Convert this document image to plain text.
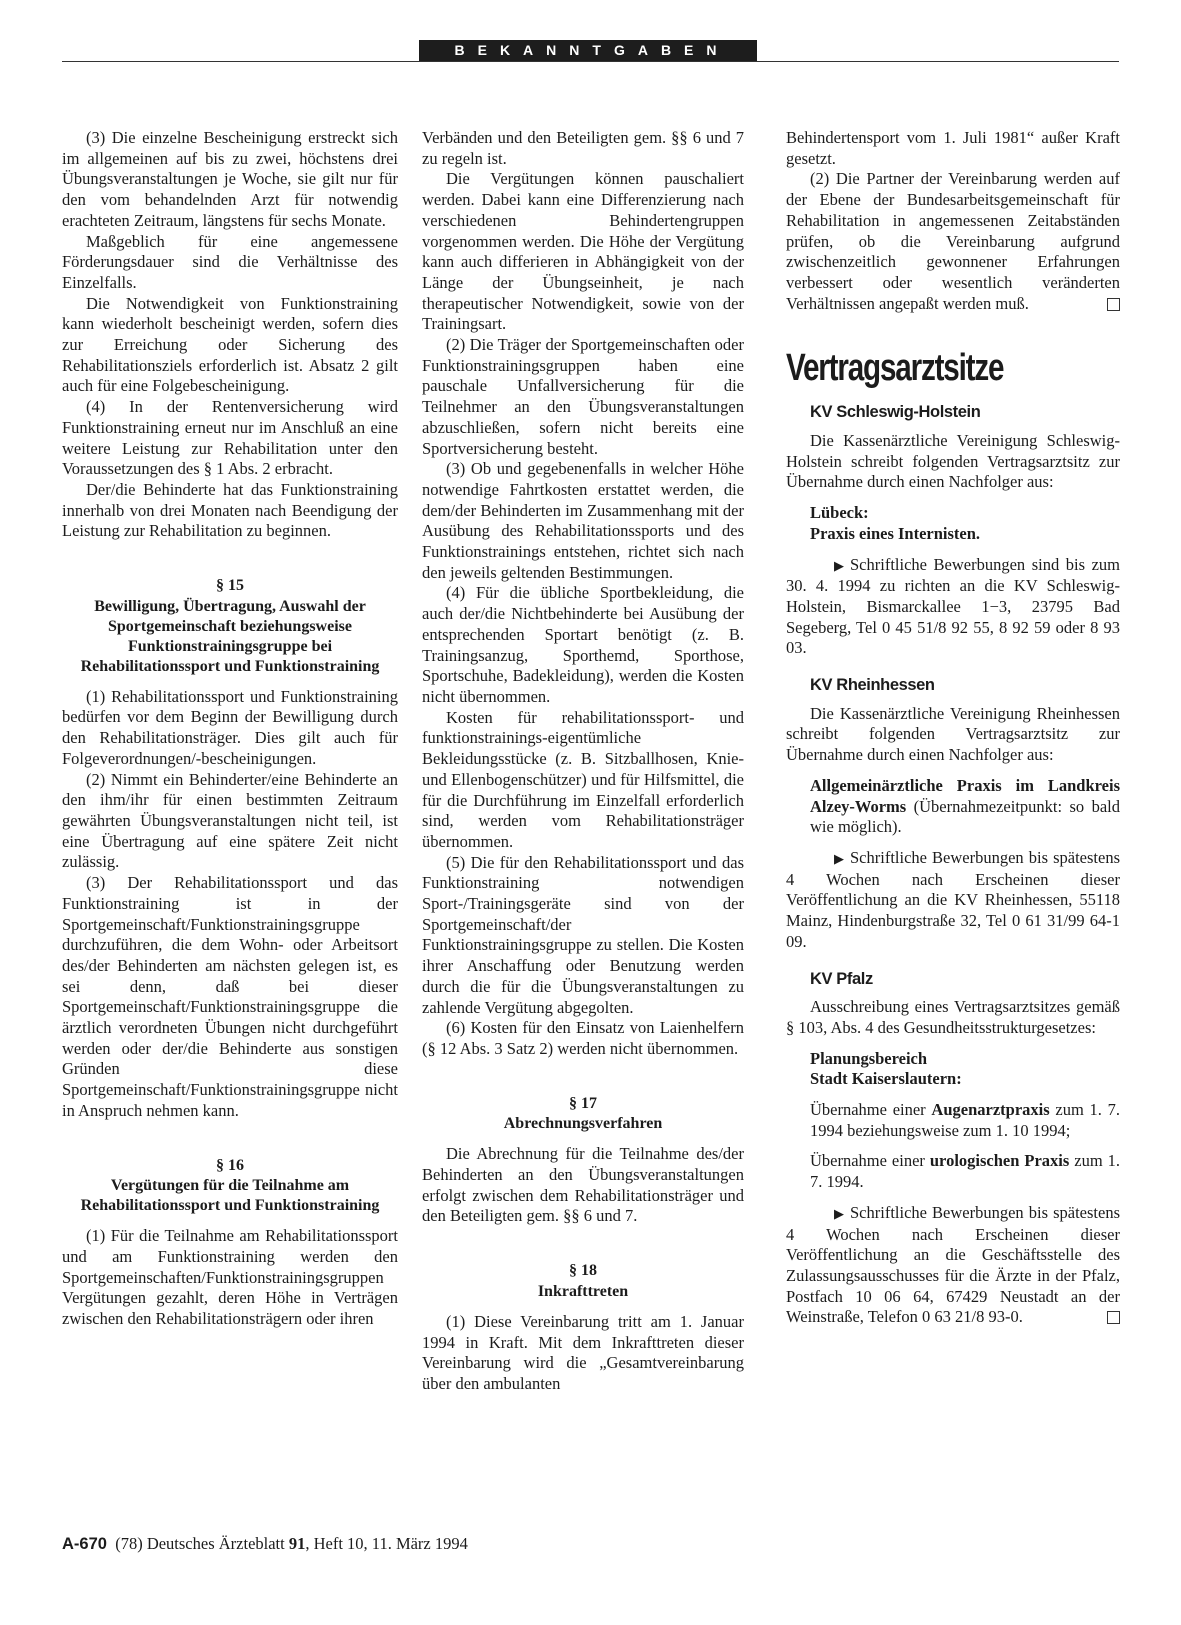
BEKANNTGABEN

(3) Die einzelne Bescheinigung erstreckt sich im allgemeinen auf bis zu zwei, höchstens drei Übungsveranstaltungen je Woche, sie gilt nur für den vom behandelnden Arzt für notwendig erachteten Zeitraum, längstens für sechs Monate.

Maßgeblich für eine angemessene Förderungsdauer sind die Verhältnisse des Einzelfalls.

Die Notwendigkeit von Funktionstraining kann wiederholt bescheinigt werden, sofern dies zur Erreichung oder Sicherung des Rehabilitationsziels erforderlich ist. Absatz 2 gilt auch für eine Folgebescheinigung.

(4) In der Rentenversicherung wird Funktionstraining erneut nur im Anschluß an eine weitere Leistung zur Rehabilitation unter den Voraussetzungen des § 1 Abs. 2 erbracht.

Der/die Behinderte hat das Funktionstraining innerhalb von drei Monaten nach Beendigung der Leistung zur Rehabilitation zu beginnen.

§ 15
Bewilligung, Übertragung, Auswahl der Sportgemeinschaft beziehungsweise Funktionstrainingsgruppe bei Rehabilitationssport und Funktionstraining

(1) Rehabilitationssport und Funktionstraining bedürfen vor dem Beginn der Bewilligung durch den Rehabilitationsträger. Dies gilt auch für Folgeverordnungen/-bescheinigungen.

(2) Nimmt ein Behinderter/eine Behinderte an den ihm/ihr für einen bestimmten Zeitraum gewährten Übungsveranstaltungen nicht teil, ist eine Übertragung auf eine spätere Zeit nicht zulässig.

(3) Der Rehabilitationssport und das Funktionstraining ist in der Sportgemeinschaft/Funktionstrainingsgruppe durchzuführen, die dem Wohn- oder Arbeitsort des/der Behinderten am nächsten gelegen ist, es sei denn, daß bei dieser Sportgemeinschaft/Funktionstrainingsgruppe die ärztlich verordneten Übungen nicht durchgeführt werden oder der/die Behinderte aus sonstigen Gründen diese Sportgemeinschaft/Funktionstrainingsgruppe nicht in Anspruch nehmen kann.

§ 16
Vergütungen für die Teilnahme am Rehabilitationssport und Funktionstraining

(1) Für die Teilnahme am Rehabilitationssport und am Funktionstraining werden den Sportgemeinschaften/Funktionstrainingsgruppen Vergütungen gezahlt, deren Höhe in Verträgen zwischen den Rehabilitationsträgern oder ihren

Verbänden und den Beteiligten gem. §§ 6 und 7 zu regeln ist.

Die Vergütungen können pauschaliert werden. Dabei kann eine Differenzierung nach verschiedenen Behindertengruppen vorgenommen werden. Die Höhe der Vergütung kann auch differieren in Abhängigkeit von der Länge der Übungseinheit, je nach therapeutischer Notwendigkeit, sowie von der Trainingsart.

(2) Die Träger der Sportgemeinschaften oder Funktionstrainingsgruppen haben eine pauschale Unfallversicherung für die Teilnehmer an den Übungsveranstaltungen abzuschließen, sofern nicht bereits eine Sportversicherung besteht.

(3) Ob und gegebenenfalls in welcher Höhe notwendige Fahrtkosten erstattet werden, die dem/der Behinderten im Zusammenhang mit der Ausübung des Rehabilitationssports und des Funktionstrainings entstehen, richtet sich nach den jeweils geltenden Bestimmungen.

(4) Für die übliche Sportbekleidung, die auch der/die Nichtbehinderte bei Ausübung der entsprechenden Sportart benötigt (z. B. Trainingsanzug, Sporthemd, Sporthose, Sportschuhe, Badekleidung), werden die Kosten nicht übernommen.

Kosten für rehabilitationssport- und funktionstrainings-eigentümliche Bekleidungsstücke (z. B. Sitzballhosen, Knie- und Ellenbogenschützer) und für Hilfsmittel, die für die Durchführung im Einzelfall erforderlich sind, werden vom Rehabilitationsträger übernommen.

(5) Die für den Rehabilitationssport und das Funktionstraining notwendigen Sport-/Trainingsgeräte sind von der Sportgemeinschaft/der Funktionstrainingsgruppe zu stellen. Die Kosten ihrer Anschaffung oder Benutzung werden durch die für die Übungsveranstaltungen zu zahlende Vergütung abgegolten.

(6) Kosten für den Einsatz von Laienhelfern (§ 12 Abs. 3 Satz 2) werden nicht übernommen.

§ 17
Abrechnungsverfahren

Die Abrechnung für die Teilnahme des/der Behinderten an den Übungsveranstaltungen erfolgt zwischen dem Rehabilitationsträger und den Beteiligten gem. §§ 6 und 7.

§ 18
Inkrafttreten

(1) Diese Vereinbarung tritt am 1. Januar 1994 in Kraft. Mit dem Inkrafttreten dieser Vereinbarung wird die „Gesamtvereinbarung über den ambulanten

Behindertensport vom 1. Juli 1981“ außer Kraft gesetzt.

(2) Die Partner der Vereinbarung werden auf der Ebene der Bundesarbeitsgemeinschaft für Rehabilitation in angemessenen Zeitabständen prüfen, ob die Vereinbarung aufgrund zwischenzeitlich gewonnener Erfahrungen verbessert oder wesentlich veränderten Verhältnissen angepaßt werden muß.

Vertragsarztsitze
KV Schleswig-Holstein

Die Kassenärztliche Vereinigung Schleswig-Holstein schreibt folgenden Vertragsarztsitz zur Übernahme durch einen Nachfolger aus:

Lübeck:

Praxis eines Internisten.

▶ Schriftliche Bewerbungen sind bis zum 30. 4. 1994 zu richten an die KV Schleswig-Holstein, Bismarckallee 1−3, 23795 Bad Segeberg, Tel 0 45 51/8 92 55, 8 92 59 oder 8 93 03.

KV Rheinhessen

Die Kassenärztliche Vereinigung Rheinhessen schreibt folgenden Vertragsarztsitz zur Übernahme durch einen Nachfolger aus:

Allgemeinärztliche Praxis im Landkreis Alzey-Worms (Übernahmezeitpunkt: so bald wie möglich).

▶ Schriftliche Bewerbungen bis spätestens 4 Wochen nach Erscheinen dieser Veröffentlichung an die KV Rheinhessen, 55118 Mainz, Hindenburgstraße 32, Tel 0 61 31/99 64-1 09.

KV Pfalz

Ausschreibung eines Vertragsarztsitzes gemäß § 103, Abs. 4 des Gesundheitsstrukturgesetzes:

Planungsbereich

Stadt Kaiserslautern:

Übernahme einer Augenarztpraxis zum 1. 7. 1994 beziehungsweise zum 1. 10 1994;

Übernahme einer urologischen Praxis zum 1. 7. 1994.

▶ Schriftliche Bewerbungen bis spätestens 4 Wochen nach Erscheinen dieser Veröffentlichung an die Geschäftsstelle des Zulassungsausschusses für die Ärzte in der Pfalz, Postfach 10 06 64, 67429 Neustadt an der Weinstraße, Telefon 0 63 21/8 93-0.

A-670 (78) Deutsches Ärzteblatt 91, Heft 10, 11. März 1994
